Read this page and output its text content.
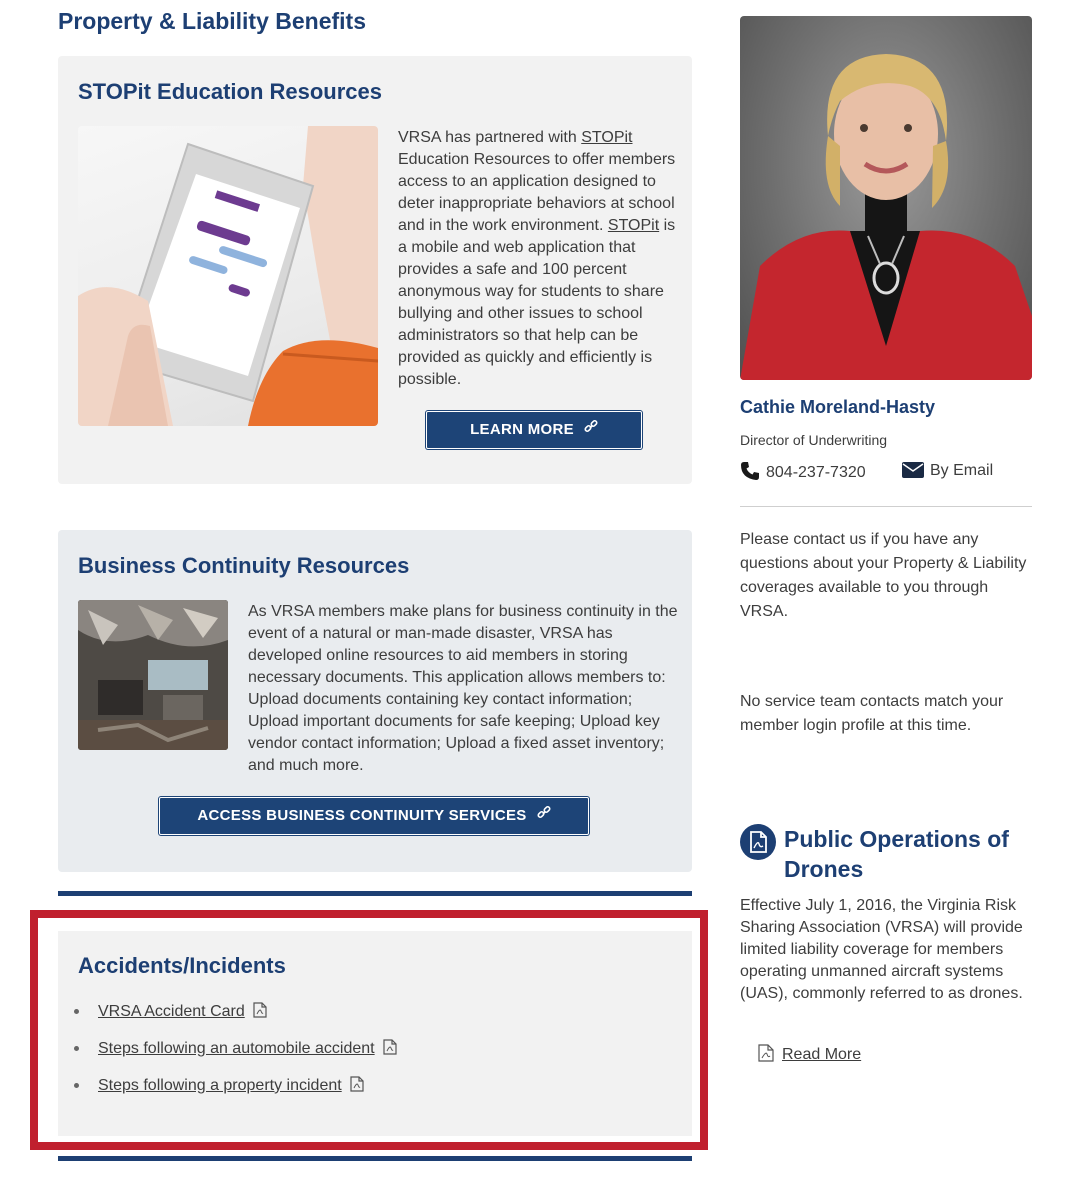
Property & Liability Benefits
STOPit Education Resources

VRSA has partnered with STOPit Education Resources to offer members access to an application designed to deter inappropriate behaviors at school and in the work environment. STOPit is a mobile and web application that provides a safe and 100 percent anonymous way for students to share bullying and other issues to school administrators so that help can be provided as quickly and efficiently is possible.

LEARN MORE
Business Continuity Resources

As VRSA members make plans for business continuity in the event of a natural or man-made disaster, VRSA has developed online resources to aid members in storing necessary documents. This application allows members to: Upload documents containing key contact information; Upload important documents for safe keeping; Upload key vendor contact information; Upload a fixed asset inventory; and much more.

ACCESS BUSINESS CONTINUITY SERVICES
Accidents/Incidents
VRSA Accident Card
Steps following an automobile accident
Steps following a property incident
Cathie Moreland-Hasty
Director of Underwriting
804-237-7320	By Email

Please contact us if you have any questions about your Property & Liability coverages available to you through VRSA.

No service team contacts match your member login profile at this time.

Public Operations of Drones

Effective July 1, 2016, the Virginia Risk Sharing Association (VRSA) will provide limited liability coverage for members operating unmanned aircraft systems (UAS), commonly referred to as drones.

Read More
